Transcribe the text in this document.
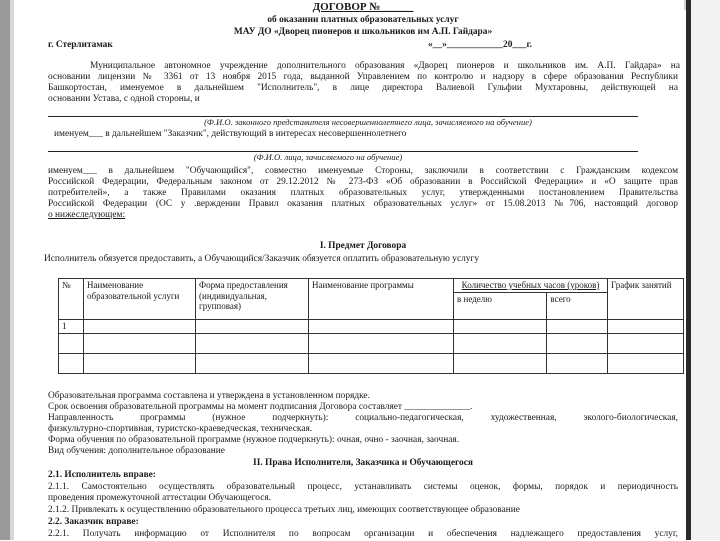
ДОГОВОР №______
об оказании платных образовательных услуг
МАУ ДО «Дворец пионеров и школьников им А.П. Гайдара»
г. Стерлитамак	«__»____________20___г.
Муниципальное автономное учреждение дополнительного образования «Дворец пионеров и школьников им. А.П. Гайдара» на
основании лицензии № 3361 от 13 ноября 2015 года, выданной Управлением по контролю и надзору в сфере образования Республики
Башкортостан, именуемое в дальнейшем "Исполнитель", в лице директора Валиевой Гульфии Мухтаровны, действующей на
основании Устава, с одной стороны, и
(Ф.И.О. законного представителя несовершеннолетнего лица, зачисляемого на обучение)
именуем___ в дальнейшем "Заказчик", действующий в интересах несовершеннолетнего
(Ф.И.О. лица, зачисляемого на обучение)
именуем___ в дальнейшем "Обучающийся", совместно именуемые Стороны, заключили в соответствии с Гражданским кодексом
Российской Федерации, Федеральным законом от 29.12.2012 № 273-ФЗ «Об образовании в Российской Федерации» и «О защите прав
потребителей», а также Правилами оказания платных образовательных услуг, утвержденными постановлением Правительства
Российской Федерации (ОС у .верждении Правил оказания платных образовательных услуг» от 15.08.2013 №706, настоящий договор
о нижеследующем:
I. Предмет Договора
Исполнитель обязуется предоставить, а Обучающийся/Заказчик обязуется оплатить образовательную услугу
№	Наименование образовательной услуги	Форма предоставления (индивидуальная, групповая)	Наименование программы	Количество учебных часов (уроков)		График занятий
				в неделю	всего	
1						

Образовательная программа составлена и утверждена в установленном порядке.
Срок освоения образовательной программы на момент подписания Договора составляет ______________.
Направленность программы (нужное подчеркнуть): социально-педагогическая, художественная, эколого-биологическая,
физкультурно-спортивная, туристско-краеведческая, техническая.
Форма обучения по образовательной программе (нужное подчеркнуть): очная, очно - заочная, заочная.
Вид обучения: дополнительное образование
II. Права Исполнителя, Заказчика и Обучающегося
2.1. Исполнитель вправе:
2.1.1. Самостоятельно осуществлять образовательный процесс, устанавливать системы оценок, формы, порядок и периодичность
проведения промежуточной аттестации Обучающегося.
2.1.2. Привлекать к осуществлению образовательного процесса третьих лиц, имеющих соответствующее образование
2.2. Заказчик вправе:
2.2.1. Получать информацию от Исполнителя по вопросам организации и обеспечения надлежащего предоставления услуг,
